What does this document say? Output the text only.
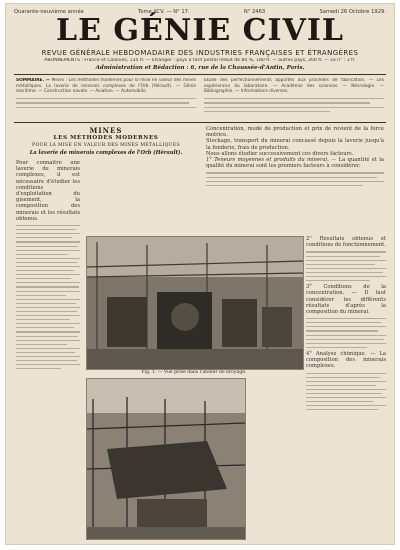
Quarante-neuvième année	Tome XCV. — N° 17.	N° 2463	Samedi 26 Octobre 1929.
LE GÉNIE CIVIL
REVUE GÉNÉRALE HEBDOMADAIRE DES INDUSTRIES FRANÇAISES ET ÉTRANGÈRES
ABONNEMENTS : France et Colonies, 135 fr. — Étranger : pays à tarif postal réduit de 80 %, 180 fr. — autres pays, 200 fr. — Le n° : 3 fr.
Administration et Rédaction : 6, rue de la Chaussée-d'Antin, Paris.
SOMMAIRE. — Mines : Les méthodes modernes pour la mise en valeur des mines métalliques. La laverie de minerais complexes de l'Orb (Hérault). — Génie maritime. — Construction navale. — Aviation. — Automobile.
Etude des perfectionnements apportés aux procédés de fabrication. — Les expériences du laboratoire. — Académie des sciences. — Nécrologie. — Bibliographie. — Informations diverses.
MINES
LES MÉTHODES MODERNES
POUR LA MISE EN VALEUR DES MINES MÉTALLIQUES
La laverie de minerais complexes de l'Orb (Hérault).
Pour connaître une laverie de minerais complexes, il est nécessaire d'étudier les conditions d'exploitation du gisement, la composition des minerais et les résultats obtenus.
Concentration, mode de production et prix de revient de la force motrice.
Stockage, transport du minerai concassé depuis la laverie jusqu'à la fonderie, frais de production.
Nous allons étudier successivement ces divers facteurs.
1° Teneurs moyennes et produits du minerai. — La quantité et la qualité du minerai sont les premiers facteurs à considérer.
Fig. 1. — Vue prise dans l'atelier de broyage.
2° Résultats obtenus et conditions de fonctionnement.
3° Conditions de la concentration. — Il faut considérer les différents résultats d'après la composition du minerai.
4° Analyse chimique. — La composition des minerais complexes.
